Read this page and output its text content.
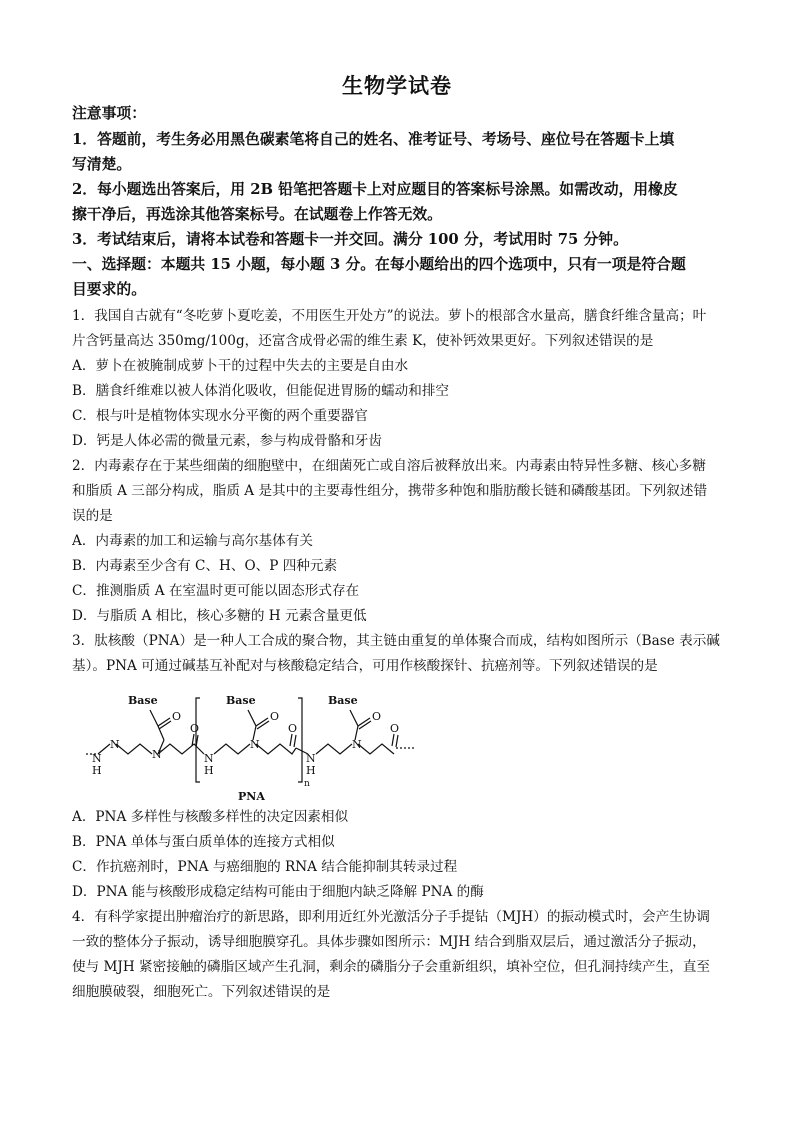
生物学试卷
注意事项：
1．答题前，考生务必用黑色碳素笔将自己的姓名、准考证号、考场号、座位号在答题卡上填
写清楚。
2．每小题选出答案后，用 2B 铅笔把答题卡上对应题目的答案标号涂黑。如需改动，用橡皮
擦干净后，再选涂其他答案标号。在试题卷上作答无效。
3．考试结束后，请将本试卷和答题卡一并交回。满分 100 分，考试用时 75 分钟。
一、选择题：本题共 15 小题，每小题 3 分。在每小题给出的四个选项中，只有一项是符合题
目要求的。
1．我国自古就有“冬吃萝卜夏吃姜，不用医生开处方”的说法。萝卜的根部含水量高，膳食纤维含量高；叶
片含钙量高达 350mg/100g，还富含成骨必需的维生素 K，使补钙效果更好。下列叙述错误的是
A．萝卜在被腌制成萝卜干的过程中失去的主要是自由水
B．膳食纤维难以被人体消化吸收，但能促进胃肠的蠕动和排空
C．根与叶是植物体实现水分平衡的两个重要器官
D．钙是人体必需的微量元素，参与构成骨骼和牙齿
2．内毒素存在于某些细菌的细胞壁中，在细菌死亡或自溶后被释放出来。内毒素由特异性多糖、核心多糖
和脂质 A 三部分构成，脂质 A 是其中的主要毒性组分，携带多种饱和脂肪酸长链和磷酸基团。下列叙述错
误的是
A．内毒素的加工和运输与高尔基体有关
B．内毒素至少含有 C、H、O、P 四种元素
C．推测脂质 A 在室温时更可能以固态形式存在
D．与脂质 A 相比，核心多糖的 H 元素含量更低
3．肽核酸（PNA）是一种人工合成的聚合物，其主链由重复的单体聚合而成，结构如图所示（Base 表示碱
基）。PNA 可通过碱基互补配对与核酸稳定结合，可用作核酸探针、抗癌剂等。下列叙述错误的是
Base	Base	Base
O	O	O
O	O	O
N
N
N	N
N
H
N
H
N
H
n
PNA
A．PNA 多样性与核酸多样性的决定因素相似
B．PNA 单体与蛋白质单体的连接方式相似
C．作抗癌剂时，PNA 与癌细胞的 RNA 结合能抑制其转录过程
D．PNA 能与核酸形成稳定结构可能由于细胞内缺乏降解 PNA 的酶
4．有科学家提出肿瘤治疗的新思路，即利用近红外光激活分子手提钻（MJH）的振动模式时，会产生协调
一致的整体分子振动，诱导细胞膜穿孔。具体步骤如图所示：MJH 结合到脂双层后，通过激活分子振动，
使与 MJH 紧密接触的磷脂区域产生孔洞，剩余的磷脂分子会重新组织，填补空位，但孔洞持续产生，直至
细胞膜破裂，细胞死亡。下列叙述错误的是
